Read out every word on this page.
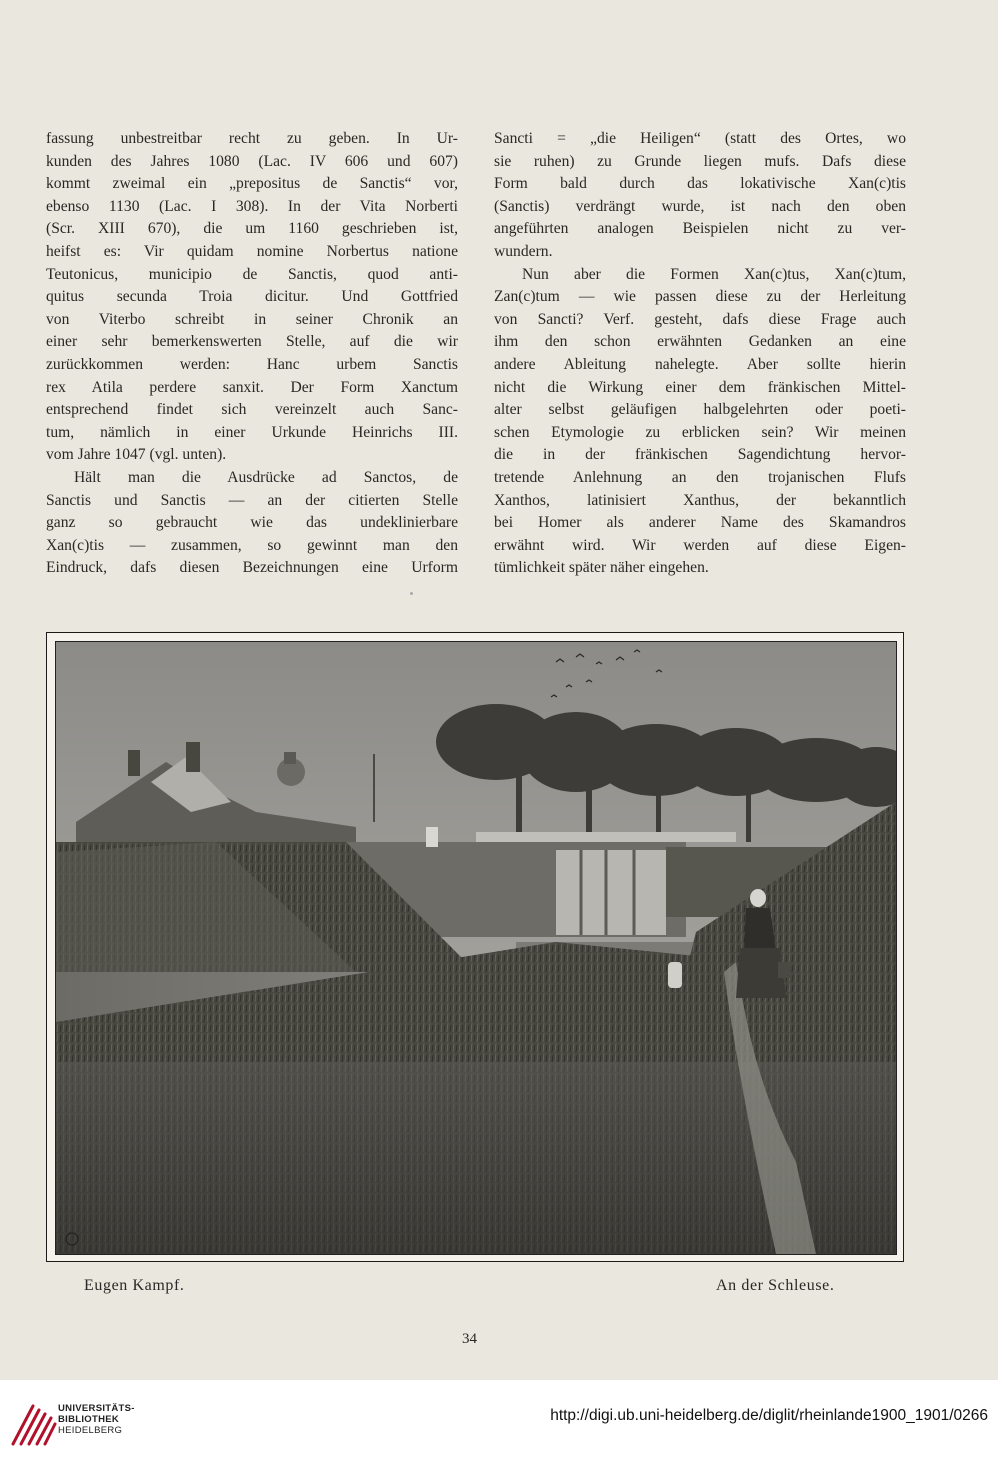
fassung unbestreitbar recht zu geben. In Ur-
kunden des Jahres 1080 (Lac. IV 606 und 607)
kommt zweimal ein „prepositus de Sanctis“ vor,
ebenso 1130 (Lac. I 308). In der Vita Norberti
(Scr. XIII 670), die um 1160 geschrieben ist,
heifst es: Vir quidam nomine Norbertus natione
Teutonicus, municipio de Sanctis, quod anti-
quitus secunda Troia dicitur. Und Gottfried
von Viterbo schreibt in seiner Chronik an
einer sehr bemerkenswerten Stelle, auf die wir
zurückkommen werden: Hanc urbem Sanctis
rex Atila perdere sanxit. Der Form Xanctum
entsprechend findet sich vereinzelt auch Sanc-
tum, nämlich in einer Urkunde Heinrichs III.
vom Jahre 1047 (vgl. unten).

Hält man die Ausdrücke ad Sanctos, de
Sanctis und Sanctis — an der citierten Stelle
ganz so gebraucht wie das undeklinierbare
Xan(c)tis — zusammen, so gewinnt man den
Eindruck, dafs diesen Bezeichnungen eine Urform

Sancti = „die Heiligen“ (statt des Ortes, wo
sie ruhen) zu Grunde liegen mufs. Dafs diese
Form bald durch das lokativische Xan(c)tis
(Sanctis) verdrängt wurde, ist nach den oben
angeführten analogen Beispielen nicht zu ver-
wundern.

Nun aber die Formen Xan(c)tus, Xan(c)tum,
Zan(c)tum — wie passen diese zu der Herleitung
von Sancti? Verf. gesteht, dafs diese Frage auch
ihm den schon erwähnten Gedanken an eine
andere Ableitung nahelegte. Aber sollte hierin
nicht die Wirkung einer dem fränkischen Mittel-
alter selbst geläufigen halbgelehrten oder poeti-
schen Etymologie zu erblicken sein? Wir meinen
die in der fränkischen Sagendichtung hervor-
tretende Anlehnung an den trojanischen Flufs
Xanthos, latinisiert Xanthus, der bekanntlich
bei Homer als anderer Name des Skamandros
erwähnt wird. Wir werden auf diese Eigen-
tümlichkeit später näher eingehen.

Eugen Kampf.	An der Schleuse.
34
UNIVERSITÄTS-
BIBLIOTHEK
HEIDELBERG
http://digi.ub.uni-heidelberg.de/diglit/rheinlande1900_1901/0266
